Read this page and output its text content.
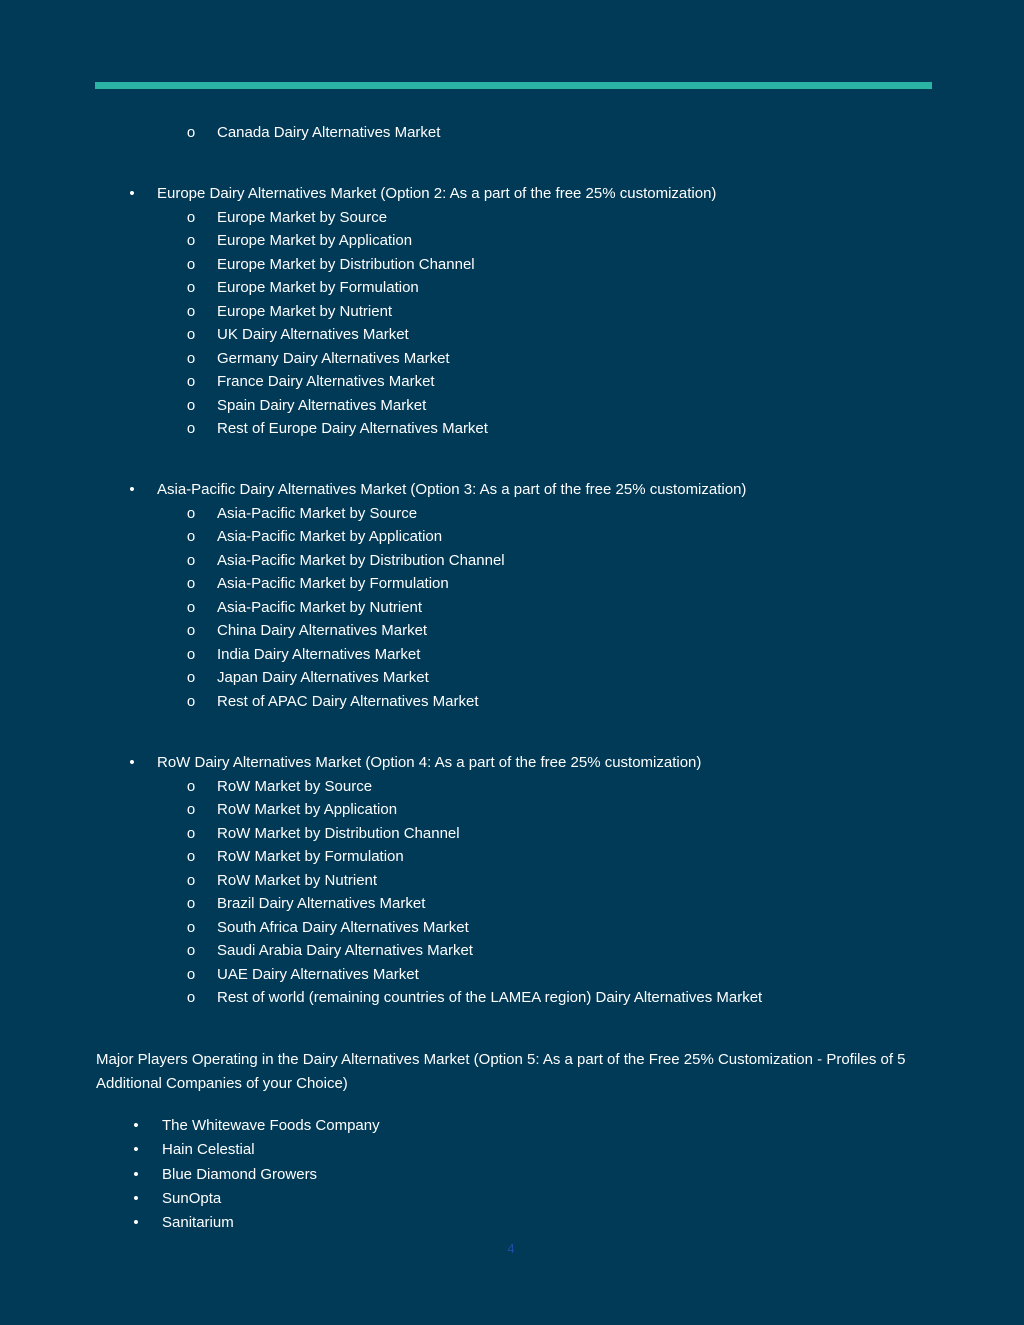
o	Canada Dairy Alternatives Market
• Europe Dairy Alternatives Market (Option 2: As a part of the free 25% customization)
o	Europe Market by Source
o	Europe Market by Application
o	Europe Market by Distribution Channel
o	Europe Market by Formulation
o	Europe Market by Nutrient
o	UK Dairy Alternatives Market
o	Germany Dairy Alternatives Market
o	France Dairy Alternatives Market
o	Spain Dairy Alternatives Market
o	Rest of Europe Dairy Alternatives Market
• Asia-Pacific Dairy Alternatives Market (Option 3: As a part of the free 25% customization)
o	Asia-Pacific Market by Source
o	Asia-Pacific Market by Application
o	Asia-Pacific Market by Distribution Channel
o	Asia-Pacific Market by Formulation
o	Asia-Pacific Market by Nutrient
o	China Dairy Alternatives Market
o	India Dairy Alternatives Market
o	Japan Dairy Alternatives Market
o	Rest of APAC Dairy Alternatives Market
• RoW Dairy Alternatives Market (Option 4: As a part of the free 25% customization)
o	RoW Market by Source
o	RoW Market by Application
o	RoW Market by Distribution Channel
o	RoW Market by Formulation
o	RoW Market by Nutrient
o	Brazil Dairy Alternatives Market
o	South Africa Dairy Alternatives Market
o	Saudi Arabia Dairy Alternatives Market
o	UAE Dairy Alternatives Market
o	Rest of world (remaining countries of the LAMEA region) Dairy Alternatives Market
Major Players Operating in the Dairy Alternatives Market (Option 5: As a part of the Free 25% Customization - Profiles of 5 Additional Companies of your Choice)
• The Whitewave Foods Company
• Hain Celestial
• Blue Diamond Growers
• SunOpta
• Sanitarium
4
